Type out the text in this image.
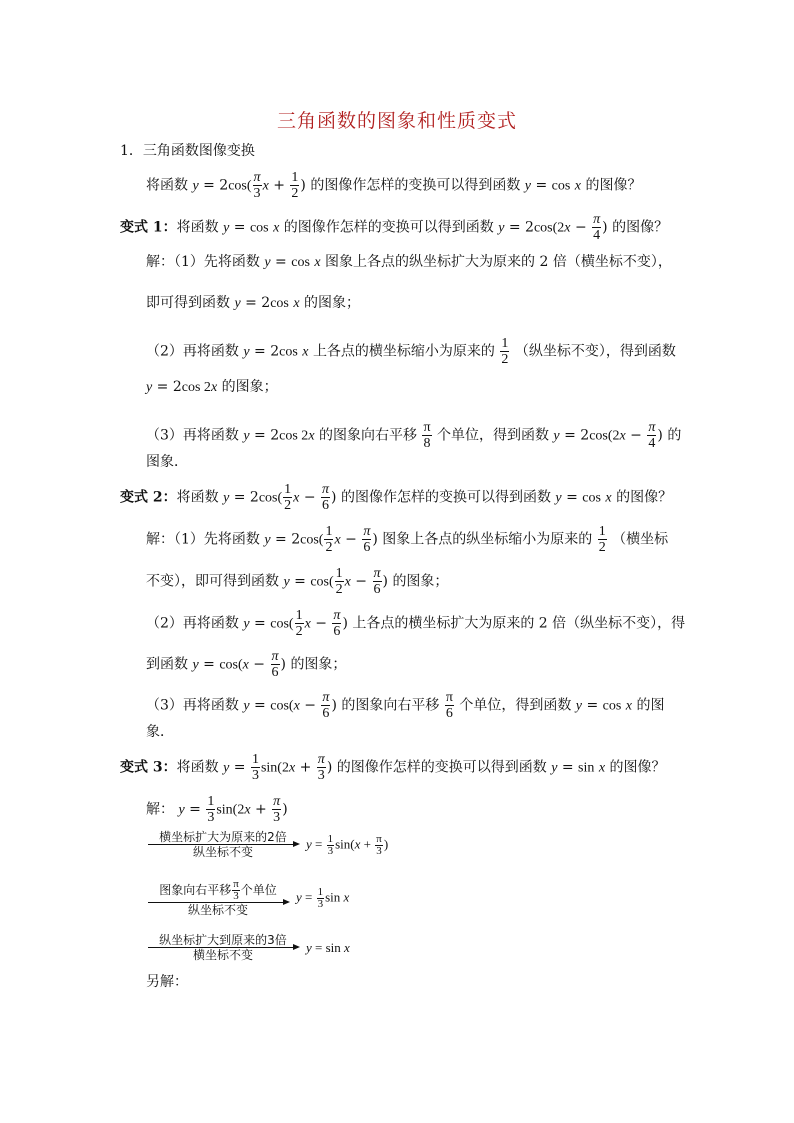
三角函数的图象和性质变式
1．三角函数图像变换
将函数 $y = 2\cos( \frac{\pi}{3}$ $x + \frac{1}{2}$ ) 的图像作怎样的变换可以得到函数 y = cos x 的图像？
变式 1：将函数 y = cos x 的图像作怎样的变换可以得到函数 $y = 2\cos(2x - \frac{\pi}{4}$ ) 的图像？
解：（1）先将函数 y = cos x 图象上各点的纵坐标扩大为原来的 2 倍（横坐标不变），
即可得到函数 y = 2cos x 的图象；
（2）再将函数 y = 2cos x 上各点的横坐标缩小为原来的 $\frac{1}{2}$ （纵坐标不变），得到函数
y = 2cos 2x 的图象；
（3）再将函数 y = 2cos 2x 的图象向右平移 $\frac{\pi}{8}$ 个单位，得到函数 $y = 2\cos(2x - \frac{\pi}{4}$ ) 的
图象．
变式 2：将函数 $y = 2\cos( \frac{1}{2}$ $x - \frac{\pi}{6}$ ) 的图像作怎样的变换可以得到函数 y = cos x 的图像？
解：（1）先将函数 $y = 2\cos( \frac{1}{2}$ $x - \frac{\pi}{6}$ ) 图象上各点的纵坐标缩小为原来的 $\frac{1}{2}$ （横坐标
不变），即可得到函数 $y = \cos( \frac{1}{2}$ $x - \frac{\pi}{6}$ ) 的图象；
（2）再将函数 $y = \cos( \frac{1}{2}$ $x - \frac{\pi}{6}$ ) 上各点的横坐标扩大为原来的 2 倍（纵坐标不变），得
到函数 $y = \cos(x - \frac{\pi}{6}$ ) 的图象；
（3）再将函数 $y = \cos(x - \frac{\pi}{6}$ ) 的图象向右平移 $\frac{\pi}{6}$ 个单位，得到函数 y = cos x 的图
象．
变式 3：将函数 $y = \frac{1}{3} \sin(2x + \frac{\pi}{3}$ ) 的图像作怎样的变换可以得到函数 y = sin x 的图像？
解： $y = \frac{1}{3} \sin(2x + \frac{\pi}{3}$ )
横坐标扩大为原来的2倍
纵坐标不变
$y = \frac{1}{3} \sin(x + \frac{\pi}{3}$ )
图象向右平移 $\frac{\pi}{3}$ 个单位
纵坐标不变
$y = \frac{1}{3}$ sin x
纵坐标扩大到原来的3倍
横坐标不变	y = sin x
另解：
